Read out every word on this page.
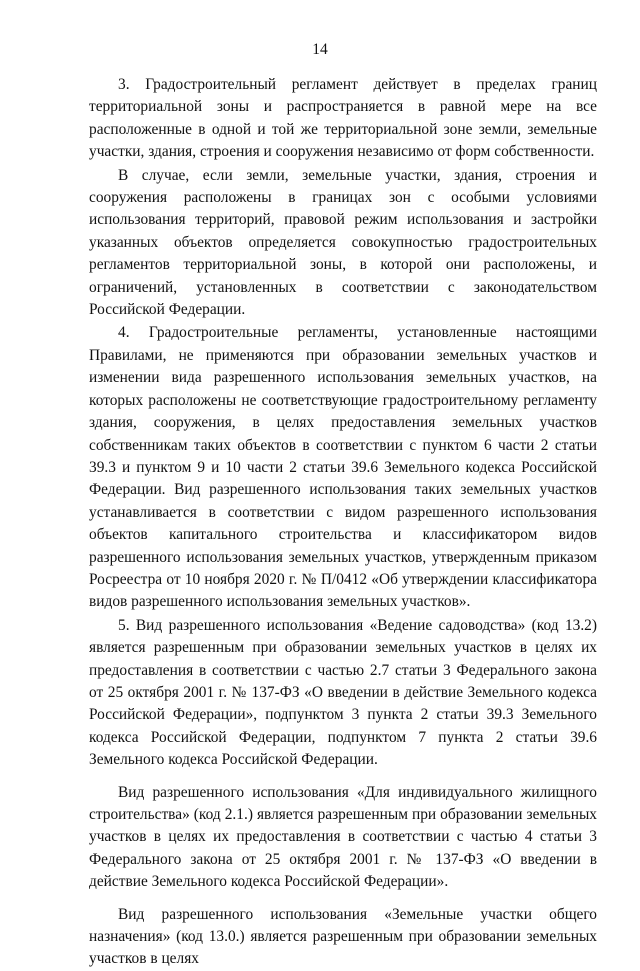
14

3. Градостроительный регламент действует в пределах границ территориальной зоны и распространяется в равной мере на все расположенные в одной и той же территориальной зоне земли, земельные участки, здания, строения и сооружения независимо от форм собственности.

В случае, если земли, земельные участки, здания, строения и сооружения расположены в границах зон с особыми условиями использования территорий, правовой режим использования и застройки указанных объектов определяется совокупностью градостроительных регламентов территориальной зоны, в которой они расположены, и ограничений, установленных в соответствии с законодательством Российской Федерации.

4. Градостроительные регламенты, установленные настоящими Правилами, не применяются при образовании земельных участков и изменении вида разрешенного использования земельных участков, на которых расположены не соответствующие градостроительному регламенту здания, сооружения, в целях предоставления земельных участков собственникам таких объектов в соответствии с пунктом 6 части 2 статьи 39.3 и пунктом 9 и 10 части 2 статьи 39.6 Земельного кодекса Российской Федерации. Вид разрешенного использования таких земельных участков устанавливается в соответствии с видом разрешенного использования объектов капитального строительства и классификатором видов разрешенного использования земельных участков, утвержденным приказом Росреестра от 10 ноября 2020 г. № П/0412 «Об утверждении классификатора видов разрешенного использования земельных участков».

5. Вид разрешенного использования «Ведение садоводства» (код 13.2) является разрешенным при образовании земельных участков в целях их предоставления в соответствии с частью 2.7 статьи 3 Федерального закона от 25 октября 2001 г. № 137-ФЗ «О введении в действие Земельного кодекса Российской Федерации», подпунктом 3 пункта 2 статьи 39.3 Земельного кодекса Российской Федерации, подпунктом 7 пункта 2 статьи 39.6 Земельного кодекса Российской Федерации.

Вид разрешенного использования «Для индивидуального жилищного строительства» (код 2.1.) является разрешенным при образовании земельных участков в целях их предоставления в соответствии с частью 4 статьи 3 Федерального закона от 25 октября 2001 г. № 137-ФЗ «О введении в действие Земельного кодекса Российской Федерации».

Вид разрешенного использования «Земельные участки общего назначения» (код 13.0.) является разрешенным при образовании земельных участков в целях
